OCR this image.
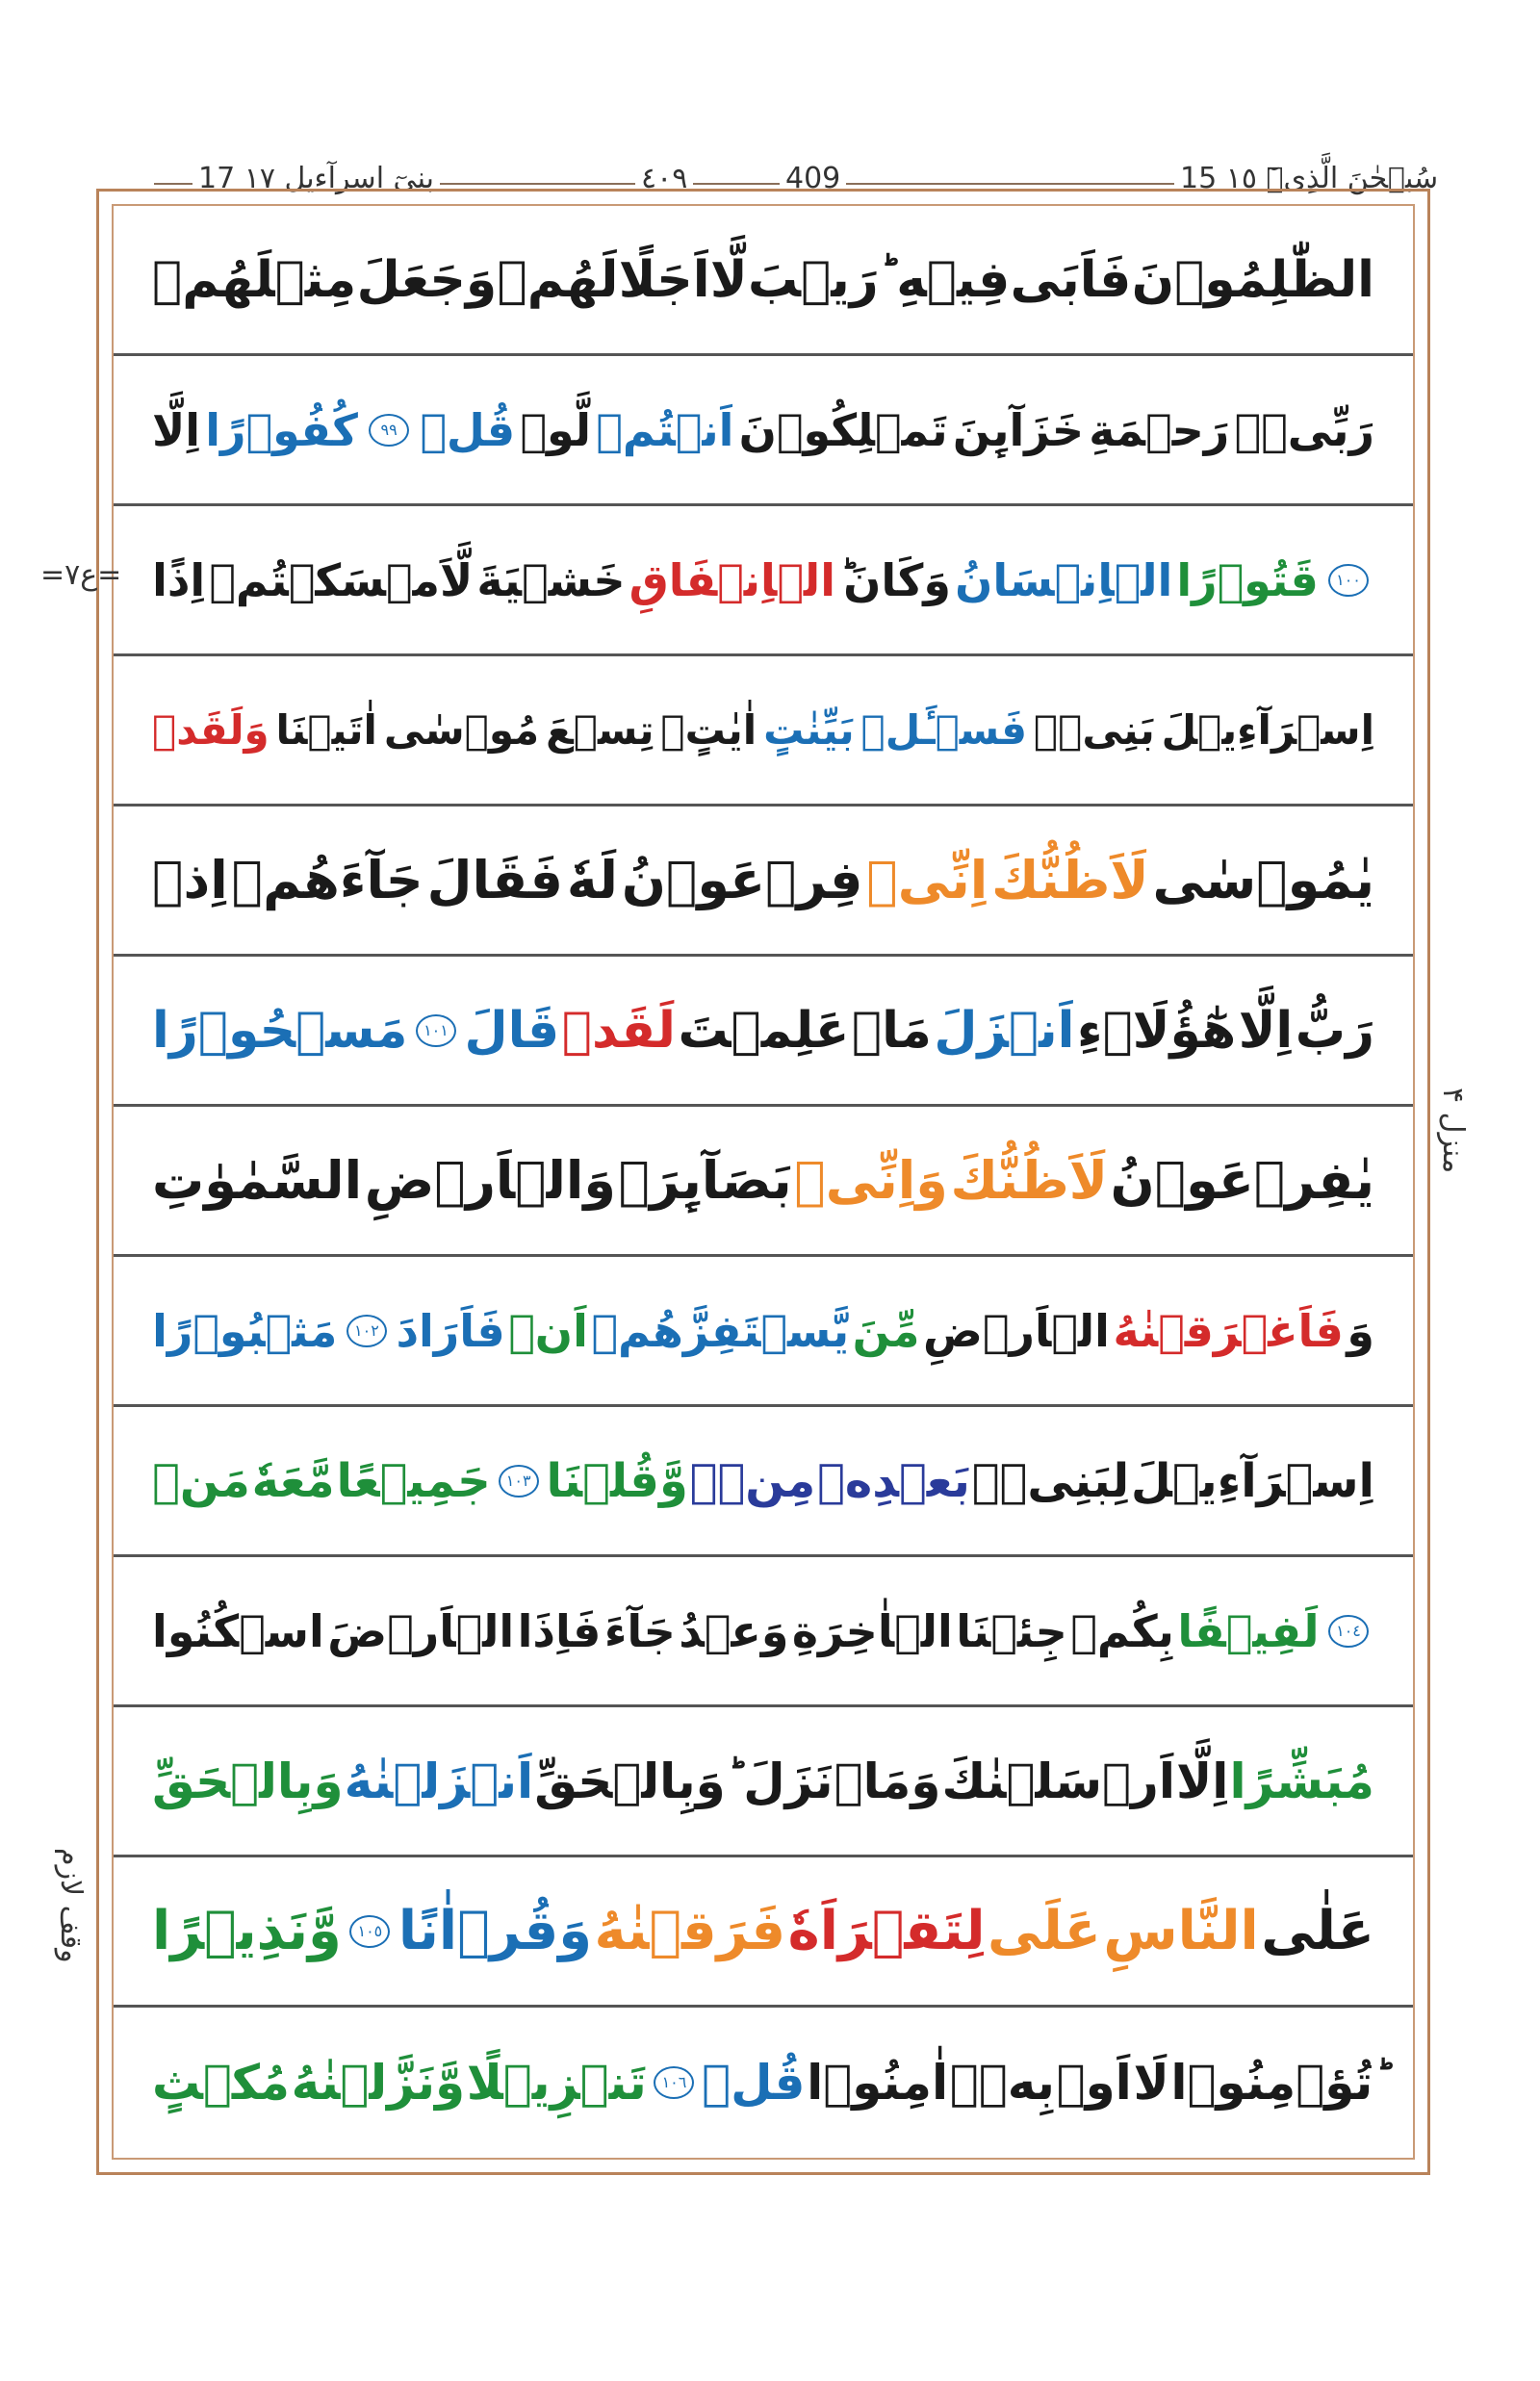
17 بنیٓ اسرآءیل ١٧	٤٠٩	409	15 سُبۡحٰنَ الَّذِیۡٓ ١٥
مِثۡلَهُمۡ وَجَعَلَ لَهُمۡ اَجَلًا لَّا رَيۡبَ فِيۡهِ ؕ فَاَبَى الظّٰلِمُوۡنَ
اِلَّا كُفُوۡرًا	٩٩ قُلۡ لَّوۡ اَنۡتُمۡ تَمۡلِكُوۡنَ خَزَآٮِٕنَ رَحۡمَةِ رَبِّىۡۤ
اِذًا لَّاَمۡسَكۡتُمۡ خَشۡيَةَ الۡاِنۡفَاقِ وَكَانَ الۡاِنۡسَانُ قَتُوۡرًا	١٠٠
وَلَقَدۡ اٰتَيۡنَا مُوۡسٰى تِسۡعَ اٰيٰتٍۢ بَيِّنٰتٍ فَسۡـَٔلۡ بَنِىۡۤ اِسۡرَآءِيۡلَ
اِذۡ جَآءَهُمۡ فَقَالَ لَهٗ فِرۡعَوۡنُ اِنِّىۡ لَاَظُنُّكَ يٰمُوۡسٰى
مَسۡحُوۡرًا	١٠١ قَالَ لَقَدۡ عَلِمۡتَ مَاۤ اَنۡزَلَ هٰٓؤُلَاۤءِ اِلَّا رَبُّ
السَّمٰوٰتِ وَالۡاَرۡضِ بَصَآٮِٕرَۚ وَاِنِّىۡ لَاَظُنُّكَ يٰفِرۡعَوۡنُ
مَثۡبُوۡرًا	١٠٢ فَاَرَادَ اَنۡ يَّسۡتَفِزَّهُمۡ مِّنَ الۡاَرۡضِ فَاَغۡرَقۡنٰهُ وَ
مَنۡ مَّعَهٗ جَمِيۡعًا ١٠٣ وَّقُلۡنَا مِنۡۢ بَعۡدِهٖ لِبَنِىۡۤ اِسۡرَآءِيۡلَ
اسۡكُنُوا الۡاَرۡضَ فَاِذَا جَآءَ وَعۡدُ الۡاٰخِرَةِ جِئۡنَا بِكُمۡ لَفِيۡفًا	١٠٤
وَبِالۡحَقِّ اَنۡزَلۡنٰهُ وَبِالۡحَقِّ نَزَلَ ؕ وَمَاۤ اَرۡسَلۡنٰكَ اِلَّا مُبَشِّرًا
وَّنَذِيۡرًا	١٠٥ وَقُرۡاٰنًا فَرَقۡنٰهُ لِتَقۡرَاَهٗ عَلَى النَّاسِ عَلٰى
مُكۡثٍ وَّنَزَّلۡنٰهُ تَنۡزِيۡلًا ١٠٦ قُلۡ اٰمِنُوۡا بِهٖۤ اَوۡ لَا تُؤۡمِنُوۡا
=ع٧=
منزل ۴
وقف لازم
